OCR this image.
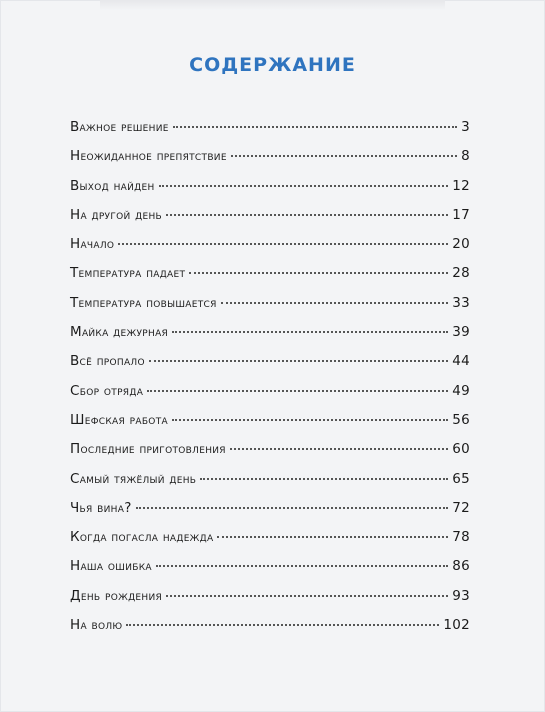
СОДЕРЖАНИЕ
Важное решение	3
Неожиданное препятствие	8
Выход найден	12
На другой день	17
Начало	20
Температура падает	28
Температура повышается	33
Майка дежурная	39
Всё пропало	44
Сбор отряда	49
Шефская работа	56
Последние приготовления	60
Самый тяжёлый день	65
Чья вина?	72
Когда погасла надежда	78
Наша ошибка	86
День рождения	93
На волю	102
